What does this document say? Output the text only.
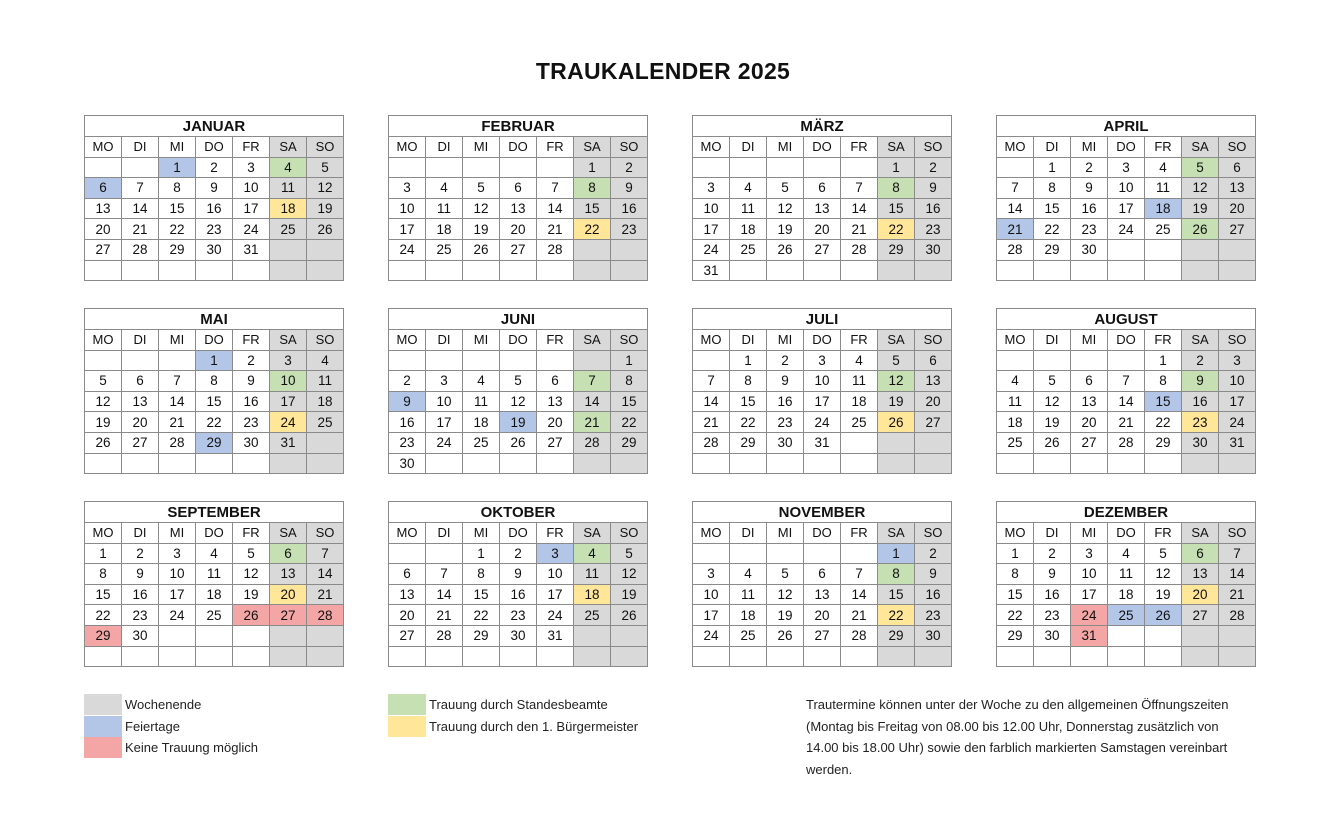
TRAUKALENDER 2025
JANUAR						
MO	DI	MI	DO	FR	SA	SO
		1	2	3	4	5
6	7	8	9	10	11	12
13	14	15	16	17	18	19
20	21	22	23	24	25	26
27	28	29	30	31		

FEBRUAR						
MO	DI	MI	DO	FR	SA	SO
					1	2
3	4	5	6	7	8	9
10	11	12	13	14	15	16
17	18	19	20	21	22	23
24	25	26	27	28		

MÄRZ						
MO	DI	MI	DO	FR	SA	SO
					1	2
3	4	5	6	7	8	9
10	11	12	13	14	15	16
17	18	19	20	21	22	23
24	25	26	27	28	29	30
31						
APRIL						
MO	DI	MI	DO	FR	SA	SO
	1	2	3	4	5	6
7	8	9	10	11	12	13
14	15	16	17	18	19	20
21	22	23	24	25	26	27
28	29	30				

MAI						
MO	DI	MI	DO	FR	SA	SO
			1	2	3	4
5	6	7	8	9	10	11
12	13	14	15	16	17	18
19	20	21	22	23	24	25
26	27	28	29	30	31	

JUNI						
MO	DI	MI	DO	FR	SA	SO
						1
2	3	4	5	6	7	8
9	10	11	12	13	14	15
16	17	18	19	20	21	22
23	24	25	26	27	28	29
30						
JULI						
MO	DI	MI	DO	FR	SA	SO
	1	2	3	4	5	6
7	8	9	10	11	12	13
14	15	16	17	18	19	20
21	22	23	24	25	26	27
28	29	30	31			

AUGUST						
MO	DI	MI	DO	FR	SA	SO
				1	2	3
4	5	6	7	8	9	10
11	12	13	14	15	16	17
18	19	20	21	22	23	24
25	26	27	28	29	30	31

SEPTEMBER						
MO	DI	MI	DO	FR	SA	SO
1	2	3	4	5	6	7
8	9	10	11	12	13	14
15	16	17	18	19	20	21
22	23	24	25	26	27	28
29	30					

OKTOBER						
MO	DI	MI	DO	FR	SA	SO
		1	2	3	4	5
6	7	8	9	10	11	12
13	14	15	16	17	18	19
20	21	22	23	24	25	26
27	28	29	30	31		

NOVEMBER						
MO	DI	MI	DO	FR	SA	SO
					1	2
3	4	5	6	7	8	9
10	11	12	13	14	15	16
17	18	19	20	21	22	23
24	25	26	27	28	29	30

DEZEMBER						
MO	DI	MI	DO	FR	SA	SO
1	2	3	4	5	6	7
8	9	10	11	12	13	14
15	16	17	18	19	20	21
22	23	24	25	26	27	28
29	30	31				

Wochenende
Feiertage
Keine Trauung möglich
Trauung durch Standesbeamte
Trauung durch den 1. Bürgermeister
Trautermine können unter der Woche zu den allgemeinen Öffnungszeiten (Montag bis Freitag von 08.00 bis 12.00 Uhr, Donnerstag zusätzlich von 14.00 bis 18.00 Uhr) sowie den farblich markierten Samstagen vereinbart werden.
